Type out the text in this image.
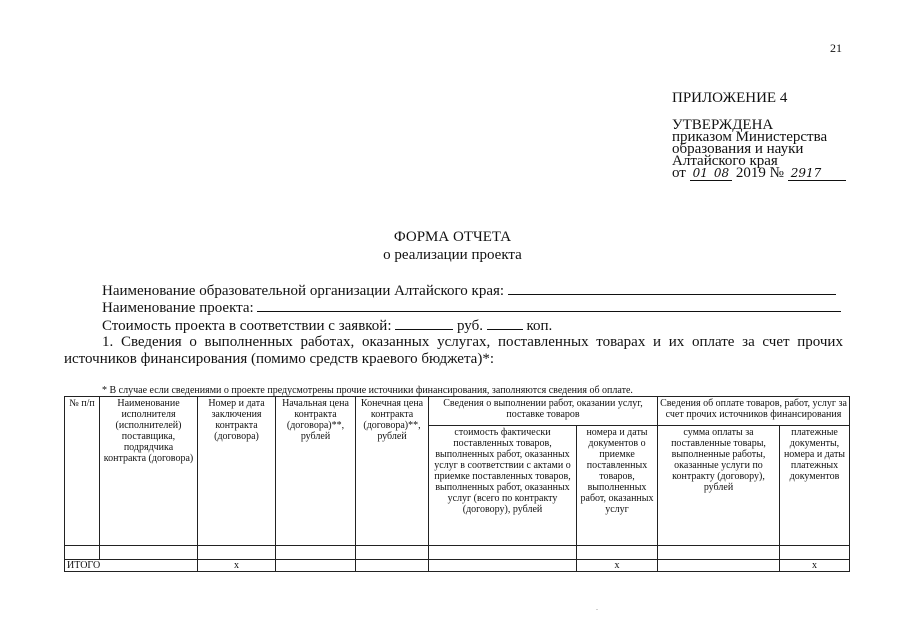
21
ПРИЛОЖЕНИЕ 4
УТВЕРЖДЕНА
приказом Министерства
образования и науки
Алтайского края
от 01 08 2019 № 2917
ФОРМА ОТЧЕТА
о реализации проекта
Наименование образовательной организации Алтайского края:
Наименование проекта:
Стоимость проекта в соответствии с заявкой:	руб.	коп.
1. Сведения о выполненных работах, оказанных услугах, поставленных товарах и их оплате за счет прочих
источников финансирования (помимо средств краевого бюджета)*:
* В случае если сведениями о проекте предусмотрены прочие источники финансирования, заполняются сведения об оплате.
№ п/п	Наименование исполнителя (исполнителей) поставщика, подрядчика контракта (договора)	Номер и дата заключения контракта (договора)	Начальная цена контракта (договора)**, рублей	Конечная цена контракта (договора)**, рублей	Сведения о выполнении работ, оказании услуг, поставке товаров		Сведения об оплате товаров, работ, услуг за счет прочих источников финансирования	
					стоимость фактически поставленных товаров, выполненных работ, оказанных услуг в соответствии с актами о приемке поставленных товаров, выполненных работ, оказанных услуг (всего по контракту (договору), рублей	номера и даты документов о приемке поставленных товаров, выполненных работ, оказанных услуг	сумма оплаты за поставленные товары, выполненные работы, оказанные услуги по контракту (договору), рублей	платежные документы, номера и даты платежных документов

ИТОГО		x				x		x
.
